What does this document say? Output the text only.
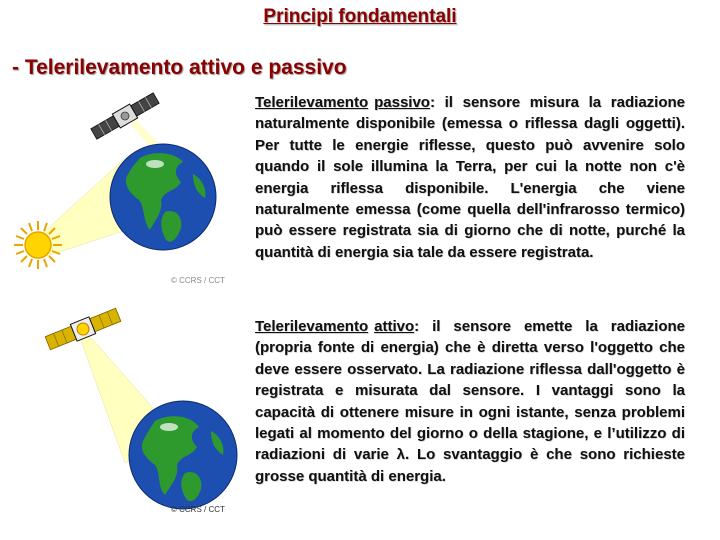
Principi fondamentali
- Telerilevamento attivo e passivo
© CCRS / CCT
© CCRS / CCT

Telerilevamento passivo: il sensore misura la radiazione naturalmente disponibile (emessa o riflessa dagli oggetti). Per tutte le energie riflesse, questo può avvenire solo quando il sole illumina la Terra, per cui la notte non c'è energia riflessa disponibile. L'energia che viene naturalmente emessa (come quella dell'infrarosso termico) può essere registrata sia di giorno che di notte, purché la quantità di energia sia tale da essere registrata.

Telerilevamento attivo: il sensore emette la radiazione (propria fonte di energia) che è diretta verso l'oggetto che deve essere osservato. La radiazione riflessa dall'oggetto è registrata e misurata dal sensore. I vantaggi sono la capacità di ottenere misure in ogni istante, senza problemi legati al momento del giorno o della stagione, e l’utilizzo di radiazioni di varie λ. Lo svantaggio è che sono richieste grosse quantità di energia.
